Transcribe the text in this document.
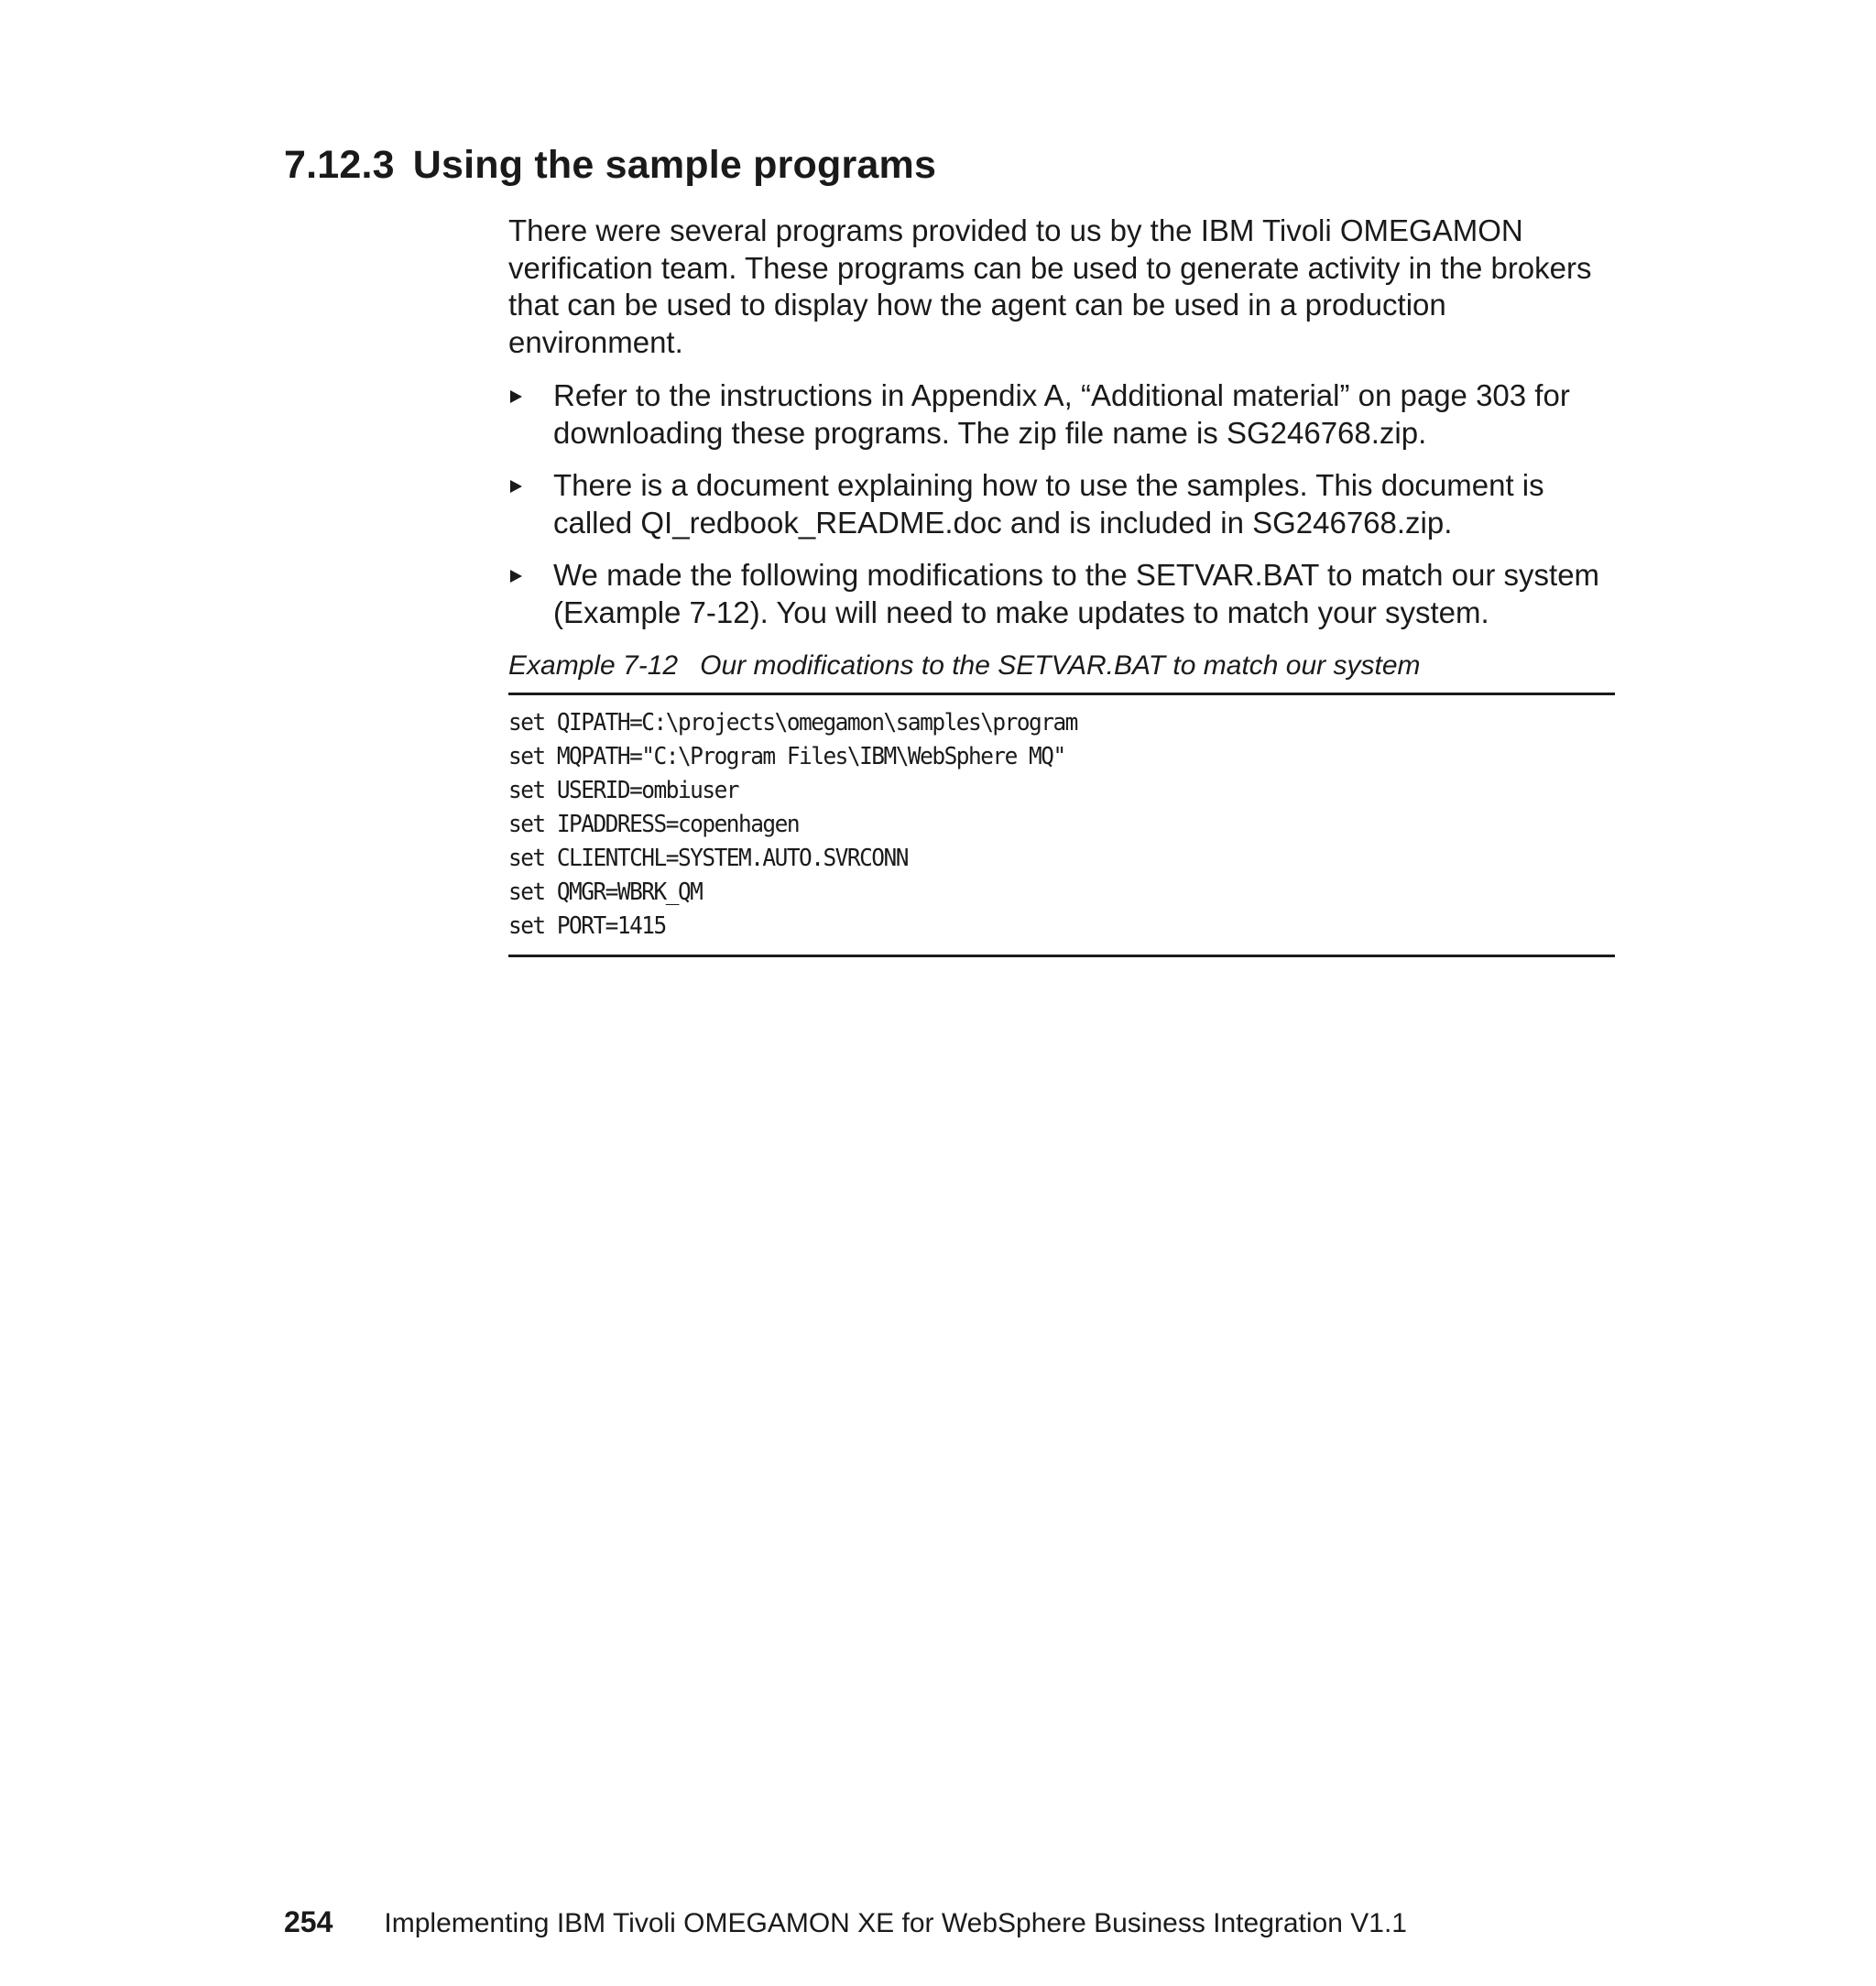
7.12.3 Using the sample programs

There were several programs provided to us by the IBM Tivoli OMEGAMON verification team. These programs can be used to generate activity in the brokers that can be used to display how the agent can be used in a production environment.

Refer to the instructions in Appendix A, “Additional material” on page 303 for downloading these programs. The zip file name is SG246768.zip.
There is a document explaining how to use the samples. This document is called QI_redbook_README.doc and is included in SG246768.zip.
We made the following modifications to the SETVAR.BAT to match our system (Example 7-12). You will need to make updates to match your system.

Example 7-12 Our modifications to the SETVAR.BAT to match our system

set QIPATH=C:\projects\omegamon\samples\program
set MQPATH="C:\Program Files\IBM\WebSphere MQ"
set USERID=ombiuser
set IPADDRESS=copenhagen
set CLIENTCHL=SYSTEM.AUTO.SVRCONN
set QMGR=WBRK_QM
set PORT=1415
254 Implementing IBM Tivoli OMEGAMON XE for WebSphere Business Integration V1.1
